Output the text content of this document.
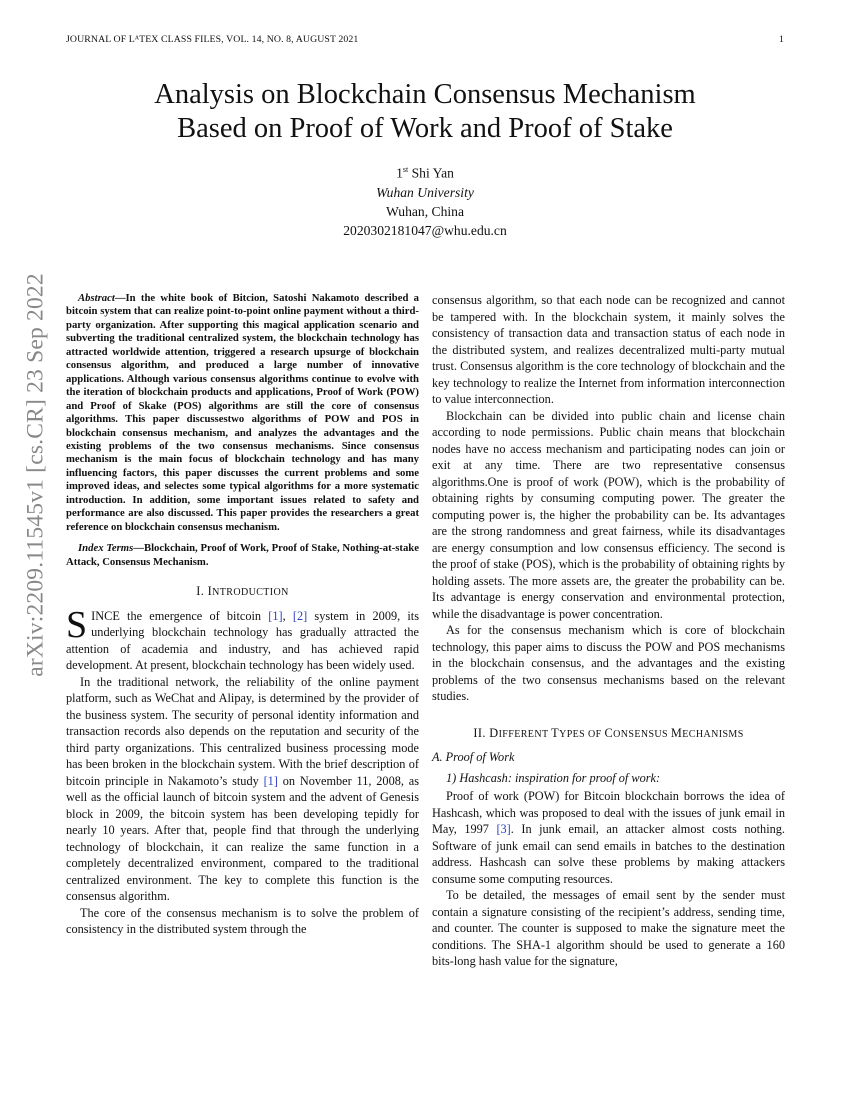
JOURNAL OF LᴬTEX CLASS FILES, VOL. 14, NO. 8, AUGUST 2021	1
arXiv:2209.11545v1 [cs.CR] 23 Sep 2022
Analysis on Blockchain Consensus Mechanism
Based on Proof of Work and Proof of Stake
1st Shi Yan
Wuhan University
Wuhan, China
2020302181047@whu.edu.cn

Abstract—In the white book of Bitcion, Satoshi Nakamoto described a bitcoin system that can realize point-to-point online payment without a third-party organization. After supporting this magical application scenario and subverting the traditional centralized system, the blockchain technology has attracted worldwide attention, triggered a research upsurge of blockchain consensus algorithm, and produced a large number of innovative applications. Although various consensus algorithms continue to evolve with the iteration of blockchain products and applications, Proof of Work (POW) and Proof of Skake (POS) algorithms are still the core of consensus algorithms. This paper discussestwo algorithms of POW and POS in blockchain consensus mechanism, and analyzes the advantages and the existing problems of the two consensus mechanisms. Since consensus mechanism is the main focus of blockchain technology and has many influencing factors, this paper discusses the current problems and some improved ideas, and selectes some typical algorithms for a more systematic introduction. In addition, some important issues related to safety and performance are also discussed. This paper provides the researchers a great reference on blockchain consensus mechanism.

Index Terms—Blockchain, Proof of Work, Proof of Stake, Nothing-at-stake Attack, Consensus Mechanism.

I. INTRODUCTION

SINCE the emergence of bitcoin [1], [2] system in 2009, its underlying blockchain technology has gradually attracted the attention of academia and industry, and has achieved rapid development. At present, blockchain technology has been widely used.

In the traditional network, the reliability of the online payment platform, such as WeChat and Alipay, is determined by the provider of the business system. The security of personal identity information and transaction records also depends on the reputation and security of the third party organizations. This centralized business processing mode has been broken in the blockchain system. With the brief description of bitcoin principle in Nakamoto’s study [1] on November 11, 2008, as well as the official launch of bitcoin system and the advent of Genesis block in 2009, the bitcoin system has been developing tepidly for nearly 10 years. After that, people find that through the underlying technology of blockchain, it can realize the same function in a completely decentralized environment, compared to the traditional centralized environment. The key to complete this function is the consensus algorithm.

The core of the consensus mechanism is to solve the problem of consistency in the distributed system through the

consensus algorithm, so that each node can be recognized and cannot be tampered with. In the blockchain system, it mainly solves the consistency of transaction data and transaction status of each node in the distributed system, and realizes decentralized multi-party mutual trust. Consensus algorithm is the core technology of blockchain and the key technology to realize the Internet from information interconnection to value interconnection.

Blockchain can be divided into public chain and license chain according to node permissions. Public chain means that blockchain nodes have no access mechanism and participating nodes can join or exit at any time. There are two representative consensus algorithms.One is proof of work (POW), which is the probability of obtaining rights by consuming computing power. The greater the computing power is, the higher the probability can be. Its advantages are the strong randomness and great fairness, while its disadvantages are energy consumption and low consensus efficiency. The second is the proof of stake (POS), which is the probability of obtaining rights by holding assets. The more assets are, the greater the probability can be. Its advantage is energy conservation and environmental protection, while the disadvantage is power concentration.

As for the consensus mechanism which is core of blockchain technology, this paper aims to discuss the POW and POS mechanisms in the blockchain consensus, and the advantages and the existing problems of the two consensus mechanisms based on the relevant studies.

II. DIFFERENT TYPES OF CONSENSUS MECHANISMS
A. Proof of Work
1) Hashcash: inspiration for proof of work:

Proof of work (POW) for Bitcoin blockchain borrows the idea of Hashcash, which was proposed to deal with the issues of junk email in May, 1997 [3]. In junk email, an attacker almost costs nothing. Software of junk email can send emails in batches to the destination address. Hashcash can solve these problems by making attackers consume some computing resources.

To be detailed, the messages of email sent by the sender must contain a signature consisting of the recipient’s address, sending time, and counter. The counter is supposed to make the signature meet the conditions. The SHA-1 algorithm should be used to generate a 160 bits-long hash value for the signature,
